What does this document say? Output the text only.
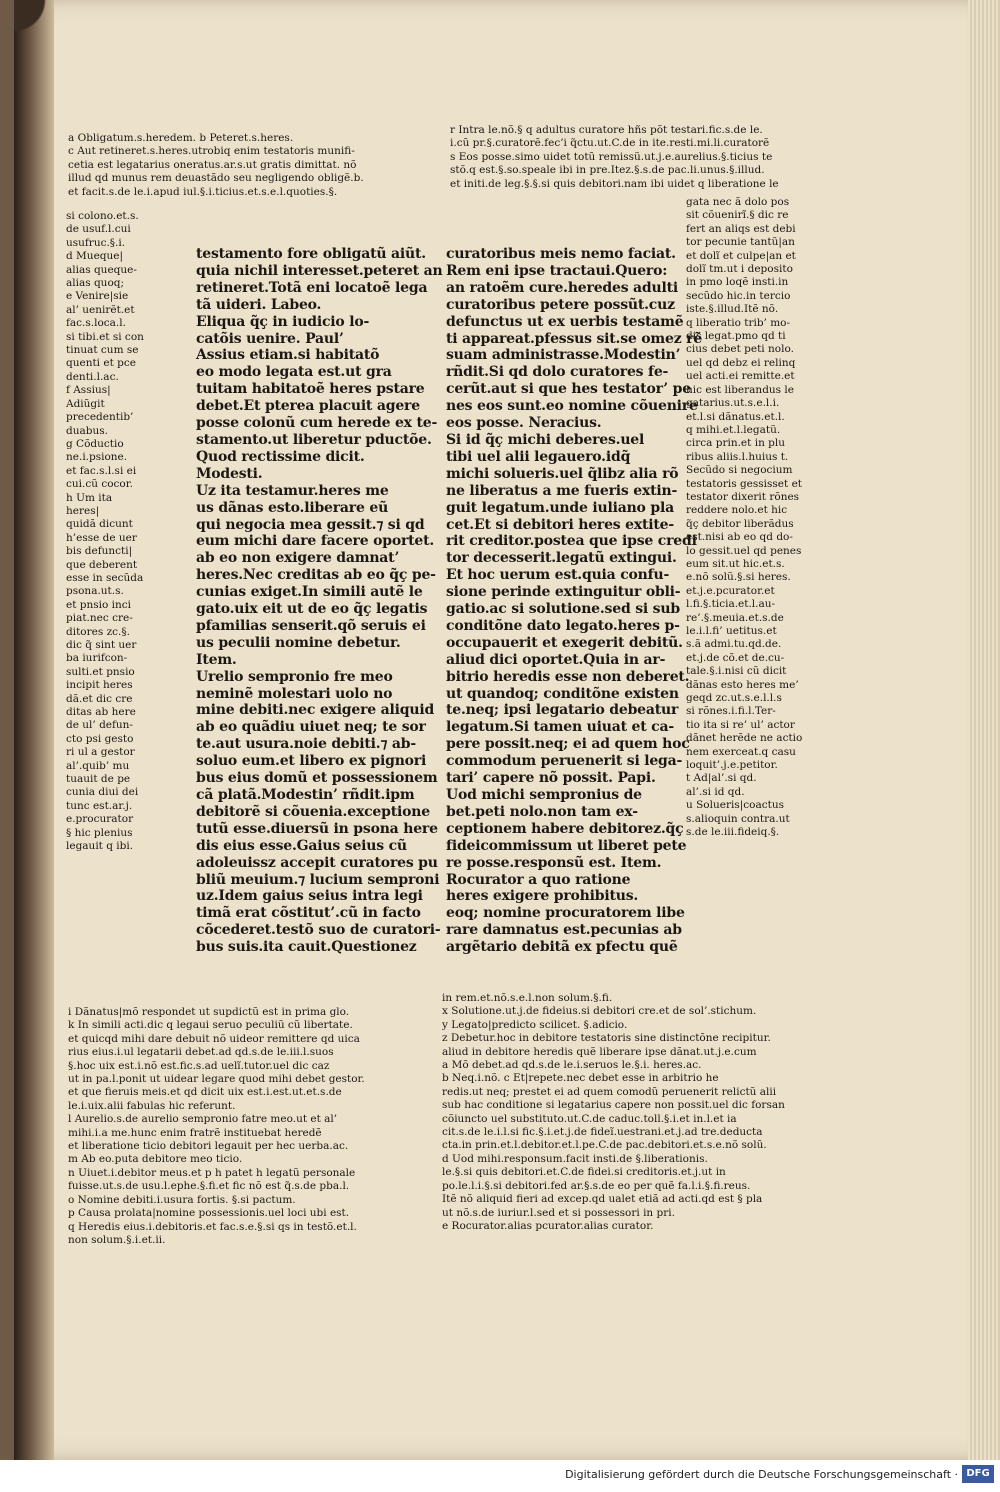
a Obligatum.s.heredem. b Peteret.s.heres.
c Aut retineret.s.heres.utrobiq enim testatoris munifi-
cetia est legatarius oneratus.ar.s.ut gratis dimittat. nõ
illud qd munus rem deuastãdo seu negligendo obligẽ.b.
et facit.s.de le.i.apud iul.§.i.ticius.et.s.e.l.quoties.§.
r Intra le.nõ.§ q adultus curatore hñs põt testari.fic.s.de le.
i.cũ pr.§.curatorẽ.fec’i q̃ctu.ut.C.de in ite.resti.mi.li.curatorẽ
s Eos posse.simo uidet totũ remissũ.ut.j.e.aurelius.§.ticius te
stõ.q est.§.so.speale ibi in pre.Itez.§.s.de pac.li.unus.§.illud.
et initi.de leg.§.§.si quis debitori.nam ibi uidet q liberatione le
si colono.et.s.
de usuf.l.cui
usufruc.§.i.
d Mueque|
alias queque-
alias quoq;
e Venire|sie
al’ uenirẽt.et
fac.s.loca.l.
si tibi.et si con
tinuat cum se
quenti et pce
denti.l.ac.
f Assius|
Adiũgit
precedentib’
duabus.
g Cõductio
ne.i.psione.
et fac.s.l.si ei
cui.cũ cocor.
h Um ita
heres|
quidã dicunt
h’esse de uer
bis defuncti|
que deberent
esse in secũda
psona.ut.s.
et pnsio inci
piat.nec cre-
ditores zc.§.
dic q̃ sint uer
ba iurifcon-
sulti.et pnsio
incipit heres
dã.et dic cre
ditas ab here
de ul’ defun-
cto psi gesto
ri ul a gestor
al’.quib’ mu
tuauit de pe
cunia diui dei
tunc est.ar.j.
e.procurator
§ hic plenius
legauit q ibi.
testamento fore obligatũ aiũt.
quia nichil interesset.peteret an
retineret.Totã eni locatoẽ lega
tã uideri. Labeo.
Eliqua q̃ç in iudicio lo-
catõis uenire. Paul’
Assius etiam.si habitatõ
eo modo legata est.ut gra
tuitam habitatoẽ heres pstare
debet.Et pterea placuit agere
posse colonũ cum herede ex te-
stamento.ut liberetur pductõe.
Quod rectissime dicit.
Modesti.
Uz ita testamur.heres me
us dãnas esto.liberare eũ
qui negocia mea gessit.⁊ si qd
eum michi dare facere oportet.
ab eo non exigere damnat’
heres.Nec creditas ab eo q̃ç pe-
cunias exiget.In simili autẽ le
gato.uix eit ut de eo q̃ç legatis
pfamilias senserit.qõ seruis ei
us peculii nomine debetur.
Item.
Urelio sempronio fre meo
neminẽ molestari uolo no
mine debiti.nec exigere aliquid
ab eo quãdiu uiuet neq; te sor
te.aut usura.noie debiti.⁊ ab-
soluo eum.et libero ex pignori
bus eius domũ et possessionem
cã platã.Modestin’ rñdit.ipm
debitorẽ si cõuenia.exceptione
tutũ esse.diuersũ in psona here
dis eius esse.Gaius seius cũ
adoleuissz accepit curatores pu
bliũ meuium.⁊ lucium semproni
uz.Idem gaius seius intra legi
timã erat cõstitut’.cũ in facto
cõcederet.testõ suo de curatori-
bus suis.ita cauit.Questionez
curatoribus meis nemo faciat.
Rem eni ipse tractaui.Quero:
an ratoẽm cure.heredes adulti
curatoribus petere possũt.cuz
defunctus ut ex uerbis testamẽ
ti appareat.pfessus sit.se omez rẽ
suam administrasse.Modestin’
rñdit.Si qd dolo curatores fe-
cerũt.aut si que hes testator’ pe
nes eos sunt.eo nomine cõuenire
eos posse. Neracius.
Si id q̃ç michi deberes.uel
tibi uel alii legauero.idq̃
michi solueris.uel q̃libz alia rõ
ne liberatus a me fueris extin-
guit legatum.unde iuliano pla
cet.Et si debitori heres extite-
rit creditor.postea que ipse credi
tor decesserit.legatũ extingui.
Et hoc uerum est.quia confu-
sione perinde extinguitur obli-
gatio.ac si solutione.sed si sub
conditõne dato legato.heres p-
occupauerit et exegerit debitũ.
aliud dici oportet.Quia in ar-
bitrio heredis esse non deberet.
ut quandoq; conditõne existen
te.neq; ipsi legatario debeatur
legatum.Si tamen uiuat et ca-
pere possit.neq; ei ad quem hoc
commodum peruenerit si lega-
tari’ capere nõ possit. Papi.
Uod michi sempronius de
bet.peti nolo.non tam ex-
ceptionem habere debitorez.q̃ç
fideicommissum ut liberet pete
re posse.responsũ est. Item.
Rocurator a quo ratione
heres exigere prohibitus.
eoq; nomine procuratorem libe
rare damnatus est.pecunias ab
argẽtario debitã ex pfectu quẽ
gata nec ã dolo pos
sit cõuenirĩ.§ dic re
fert an aliqs est debi
tor pecunie tantũ|an
et dolĩ et culpe|an et
dolĩ tm.ut i deposito
in pmo loqẽ insti.in
secũdo hic.in tercio
iste.§.illud.Itẽ nõ.
q liberatio trib’ mo-
dis legat.pmo qd ti
cius debet peti nolo.
uel qd debz ei relinq
uel acti.ei remitte.et
hic est liberandus le
gatarius.ut.s.e.l.i.
et.l.si dãnatus.et.l.
q mihi.et.l.legatũ.
circa prin.et in plu
ribus aliis.l.huius t.
Secũdo si negocium
testatoris gessisset et
testator dixerit rõnes
reddere nolo.et hic
q̃ç debitor liberãdus
est.nisi ab eo qd do-
lo gessit.uel qd penes
eum sit.ut hic.et.s.
e.nõ solũ.§.si heres.
et.j.e.pcurator.et
l.fi.§.ticia.et.l.au-
re’.§.meuia.et.s.de
le.i.l.fi’ uetitus.et
s.ã admi.tu.qd.de.
et.j.de cõ.et de.cu-
tale.§.i.nisi cũ dicit
dãnas esto heres me’
geqd zc.ut.s.e.l.l.s
si rõnes.i.fi.l.Ter-
tio ita si re’ ul’ actor
dãnet herẽde ne actio
nem exerceat.q casu
loquit’.j.e.petitor.
t Ad|al’.si qd.
al’.si id qd.
u Solueris|coactus
s.alioquin contra.ut
s.de le.iii.fideiq.§.
i Dãnatus|mõ respondet ut supdictũ est in prima glo.
k In simili acti.dic q legaui seruo peculiũ cũ libertate.
et quicqd mihi dare debuit nõ uideor remittere qd uica
rius eius.i.ul legatarii debet.ad qd.s.de le.iii.l.suos
§.hoc uix est.i.nõ est.fic.s.ad uelĩ.tutor.uel dic caz
ut in pa.l.ponit ut uidear legare quod mihi debet gestor.
et que fieruis meis.et qd dicit uix est.i.est.ut.et.s.de
le.i.uix.alii fabulas hic referunt.
l Aurelio.s.de aurelio sempronio fatre meo.ut et al’
mihi.i.a me.hunc enim fratrẽ instituebat heredẽ
et liberatione ticio debitori legauit per hec uerba.ac.
m Ab eo.puta debitore meo ticio.
n Uiuet.i.debitor meus.et p h patet h legatũ personale
fuisse.ut.s.de usu.l.ephe.§.fi.et fic nõ est q̃.s.de pba.l.
o Nomine debiti.i.usura fortis. §.si pactum.
p Causa prolata|nomine possessionis.uel loci ubi est.
q Heredis eius.i.debitoris.et fac.s.e.§.si qs in testõ.et.l.
non solum.§.i.et.ii.
in rem.et.nõ.s.e.l.non solum.§.fi.
x Solutione.ut.j.de fideius.si debitori cre.et de sol’.stichum.
y Legato|predicto scilicet. §.adicio.
z Debetur.hoc in debitore testatoris sine distinctõne recipitur.
aliud in debitore heredis quẽ liberare ipse dãnat.ut.j.e.cum
a Mõ debet.ad qd.s.de le.i.seruos le.§.i. heres.ac.
b Neq.i.nõ. c Et|repete.nec debet esse in arbitrio he
redis.ut neq; prestet ei ad quem comodũ peruenerit relictũ alii
sub hac conditione si legatarius capere non possit.uel dic forsan
cõiuncto uel substituto.ut.C.de caduc.toll.§.i.et in.l.et ia
cit.s.de le.i.l.si fic.§.i.et.j.de fideĩ.uestrani.et.j.ad tre.deducta
cta.in prin.et.l.debitor.et.l.pe.C.de pac.debitori.et.s.e.nõ solũ.
d Uod mihi.responsum.facit insti.de §.liberationis.
le.§.si quis debitori.et.C.de fidei.si creditoris.et.j.ut in
po.le.l.i.§.si debitori.fed ar.§.s.de eo per quẽ fa.l.i.§.fi.reus.
Itẽ nõ aliquid fieri ad excep.qd ualet etiã ad acti.qd est § pla
ut nõ.s.de iuriur.l.sed et si possessori in pri.
e Rocurator.alias pcurator.alias curator.
Digitalisierung gefördert durch die Deutsche Forschungsgemeinschaft · DFG
